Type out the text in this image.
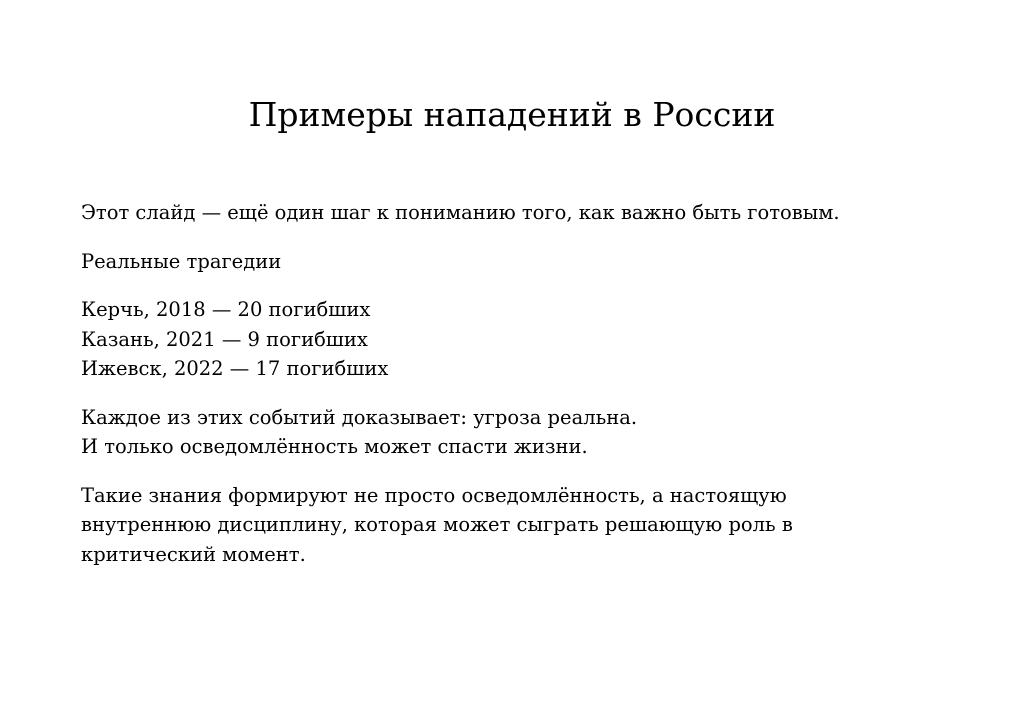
Примеры нападений в России

Этот слайд — ещё один шаг к пониманию того, как важно быть готовым.

Реальные трагедии

Керчь, 2018 — 20 погибших
Казань, 2021 — 9 погибших
Ижевск, 2022 — 17 погибших

Каждое из этих событий доказывает: угроза реальна.
И только осведомлённость может спасти жизни.

Такие знания формируют не просто осведомлённость, а настоящую
внутреннюю дисциплину, которая может сыграть решающую роль в
критический момент.
